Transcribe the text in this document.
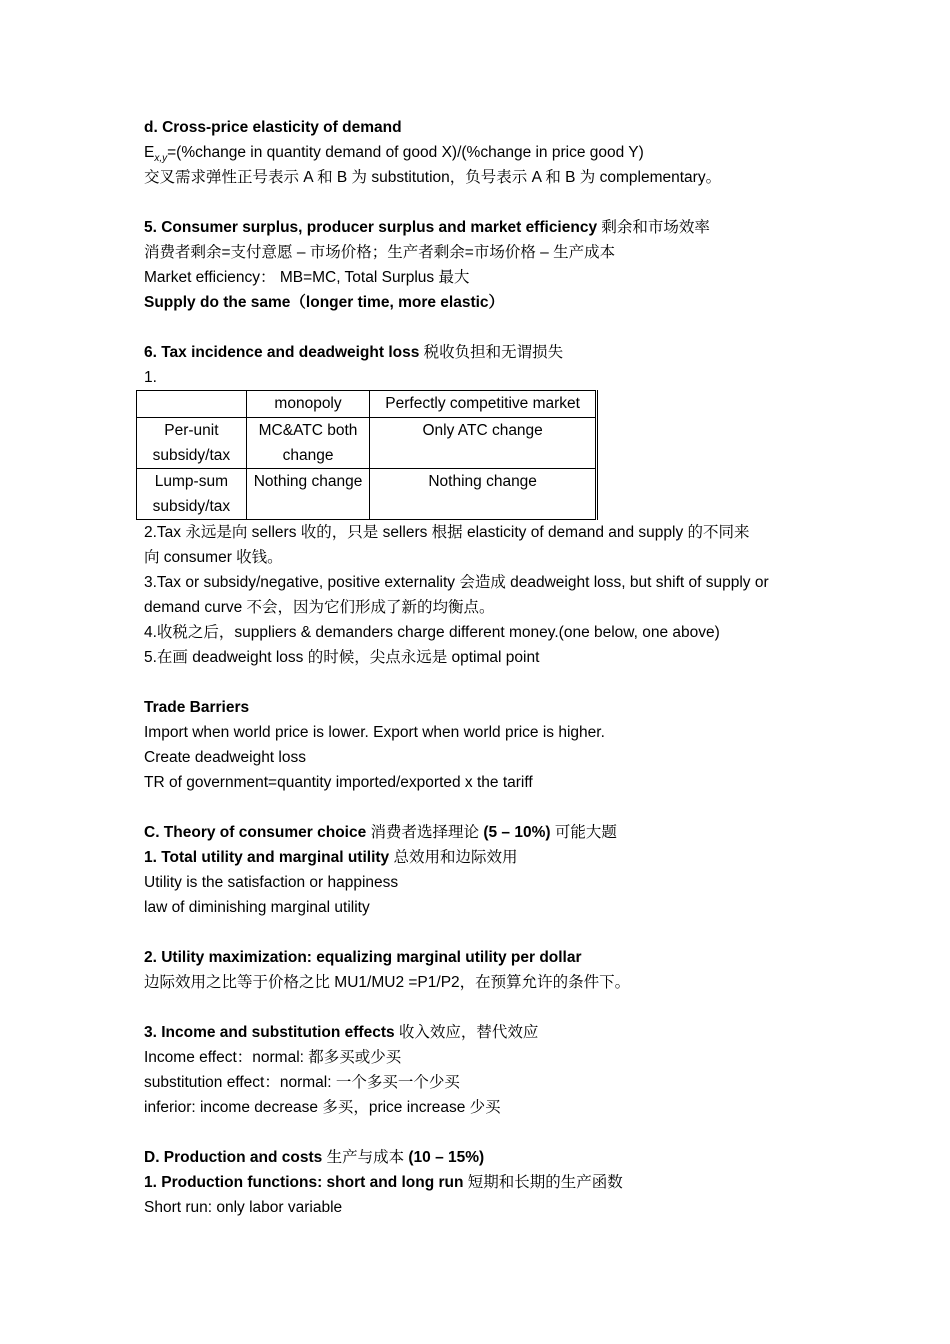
d. Cross-price elasticity of demand
$E_{x,y}=(\%change$ in quantity demand of good X)/(%change in price good Y)
交叉需求弹性正号表示 A 和 B 为 substitution，负号表示 A 和 B 为 complementary。
5. Consumer surplus, producer surplus and market efficiency 剩余和市场效率
消费者剩余=支付意愿 – 市场价格；生产者剩余=市场价格 – 生产成本
Market efficiency： MB=MC, Total Surplus 最大
Supply do the same（longer time, more elastic）
6. Tax incidence and deadweight loss 税收负担和无谓损失
1.
	monopoly	Perfectly competitive market
Per-unit subsidy/tax	MC&ATC both change	Only ATC change
Lump-sum subsidy/tax	Nothing change	Nothing change
2.Tax 永远是向 sellers 收的，只是 sellers 根据 elasticity of demand and supply 的不同来
向 consumer 收钱。
3.Tax or subsidy/negative, positive externality 会造成 deadweight loss, but shift of supply or
demand curve 不会，因为它们形成了新的均衡点。
4.收税之后，suppliers & demanders charge different money.(one below, one above)
5.在画 deadweight loss 的时候，尖点永远是 optimal point
Trade Barriers
Import when world price is lower. Export when world price is higher.
Create deadweight loss
TR of government=quantity imported/exported x the tariff
C. Theory of consumer choice 消费者选择理论 (5 – 10%) 可能大题
1. Total utility and marginal utility 总效用和边际效用
Utility is the satisfaction or happiness
law of diminishing marginal utility
2. Utility maximization: equalizing marginal utility per dollar
边际效用之比等于价格之比 MU1/MU2 =P1/P2，在预算允许的条件下。
3. Income and substitution effects 收入效应，替代效应
Income effect：normal: 都多买或少买
substitution effect：normal: 一个多买一个少买
inferior: income decrease 多买，price increase 少买
D. Production and costs 生产与成本 (10 – 15%)
1. Production functions: short and long run 短期和长期的生产函数
Short run: only labor variable
